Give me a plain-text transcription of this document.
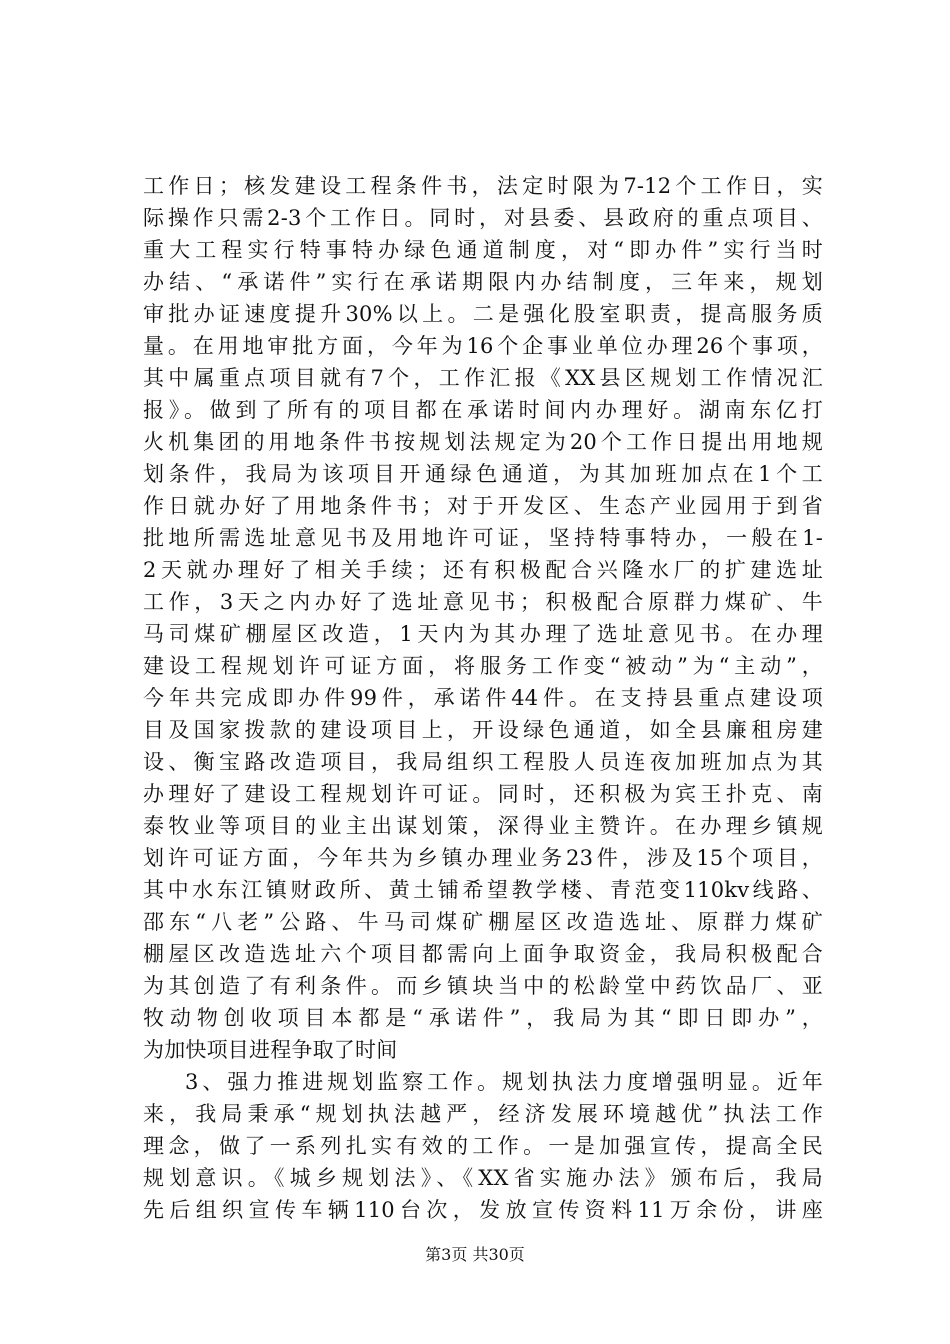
工作日；核发建设工程条件书，法定时限为7-12个工作日，实
际操作只需2-3个工作日。同时，对县委、县政府的重点项目、
重大工程实行特事特办绿色通道制度，对“即办件”实行当时
办结、“承诺件”实行在承诺期限内办结制度，三年来，规划
审批办证速度提升30%以上。二是强化股室职责，提高服务质
量。在用地审批方面，今年为16个企事业单位办理26个事项，
其中属重点项目就有7个，工作汇报《XX县区规划工作情况汇
报》。做到了所有的项目都在承诺时间内办理好。湖南东亿打
火机集团的用地条件书按规划法规定为20个工作日提出用地规
划条件，我局为该项目开通绿色通道，为其加班加点在1个工
作日就办好了用地条件书；对于开发区、生态产业园用于到省
批地所需选址意见书及用地许可证，坚持特事特办，一般在1-
2天就办理好了相关手续；还有积极配合兴隆水厂的扩建选址
工作，3天之内办好了选址意见书；积极配合原群力煤矿、牛
马司煤矿棚屋区改造，1天内为其办理了选址意见书。在办理
建设工程规划许可证方面，将服务工作变“被动”为“主动”，
今年共完成即办件99件，承诺件44件。在支持县重点建设项
目及国家拨款的建设项目上，开设绿色通道，如全县廉租房建
设、衡宝路改造项目，我局组织工程股人员连夜加班加点为其
办理好了建设工程规划许可证。同时，还积极为宾王扑克、南
泰牧业等项目的业主出谋划策，深得业主赞许。在办理乡镇规
划许可证方面，今年共为乡镇办理业务23件，涉及15个项目，
其中水东江镇财政所、黄土铺希望教学楼、青范变110kv线路、
邵东“八老”公路、牛马司煤矿棚屋区改造选址、原群力煤矿
棚屋区改造选址六个项目都需向上面争取资金，我局积极配合
为其创造了有利条件。而乡镇块当中的松龄堂中药饮品厂、亚
牧动物创收项目本都是“承诺件”，我局为其“即日即办”，
为加快项目进程争取了时间
3、强力推进规划监察工作。规划执法力度增强明显。近年
来，我局秉承“规划执法越严，经济发展环境越优”执法工作
理念，做了一系列扎实有效的工作。一是加强宣传，提高全民
规划意识。《城乡规划法》、《XX省实施办法》颁布后，我局
先后组织宣传车辆110台次，发放宣传资料11万余份，讲座
第3页 共30页
